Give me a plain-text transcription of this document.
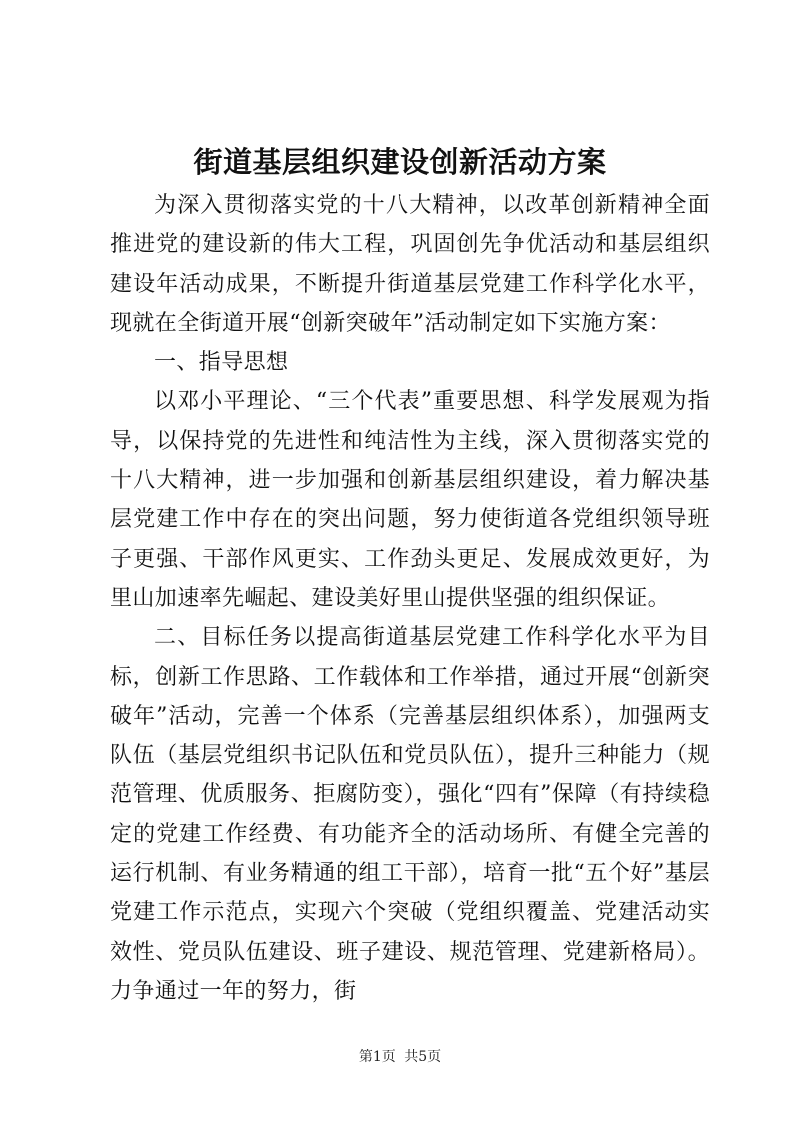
街道基层组织建设创新活动方案

为深入贯彻落实党的十八大精神，以改革创新精神全面推进党的建设新的伟大工程，巩固创先争优活动和基层组织建设年活动成果，不断提升街道基层党建工作科学化水平，现就在全街道开展“创新突破年”活动制定如下实施方案：

一、指导思想

以邓小平理论、“三个代表”重要思想、科学发展观为指导，以保持党的先进性和纯洁性为主线，深入贯彻落实党的十八大精神，进一步加强和创新基层组织建设，着力解决基层党建工作中存在的突出问题，努力使街道各党组织领导班子更强、干部作风更实、工作劲头更足、发展成效更好，为里山加速率先崛起、建设美好里山提供坚强的组织保证。

二、目标任务以提高街道基层党建工作科学化水平为目标，创新工作思路、工作载体和工作举措，通过开展“创新突破年”活动，完善一个体系（完善基层组织体系），加强两支队伍（基层党组织书记队伍和党员队伍），提升三种能力（规范管理、优质服务、拒腐防变），强化“四有”保障（有持续稳定的党建工作经费、有功能齐全的活动场所、有健全完善的运行机制、有业务精通的组工干部），培育一批“五个好”基层党建工作示范点，实现六个突破（党组织覆盖、党建活动实效性、党员队伍建设、班子建设、规范管理、党建新格局）。力争通过一年的努力，街

第1页 共5页
